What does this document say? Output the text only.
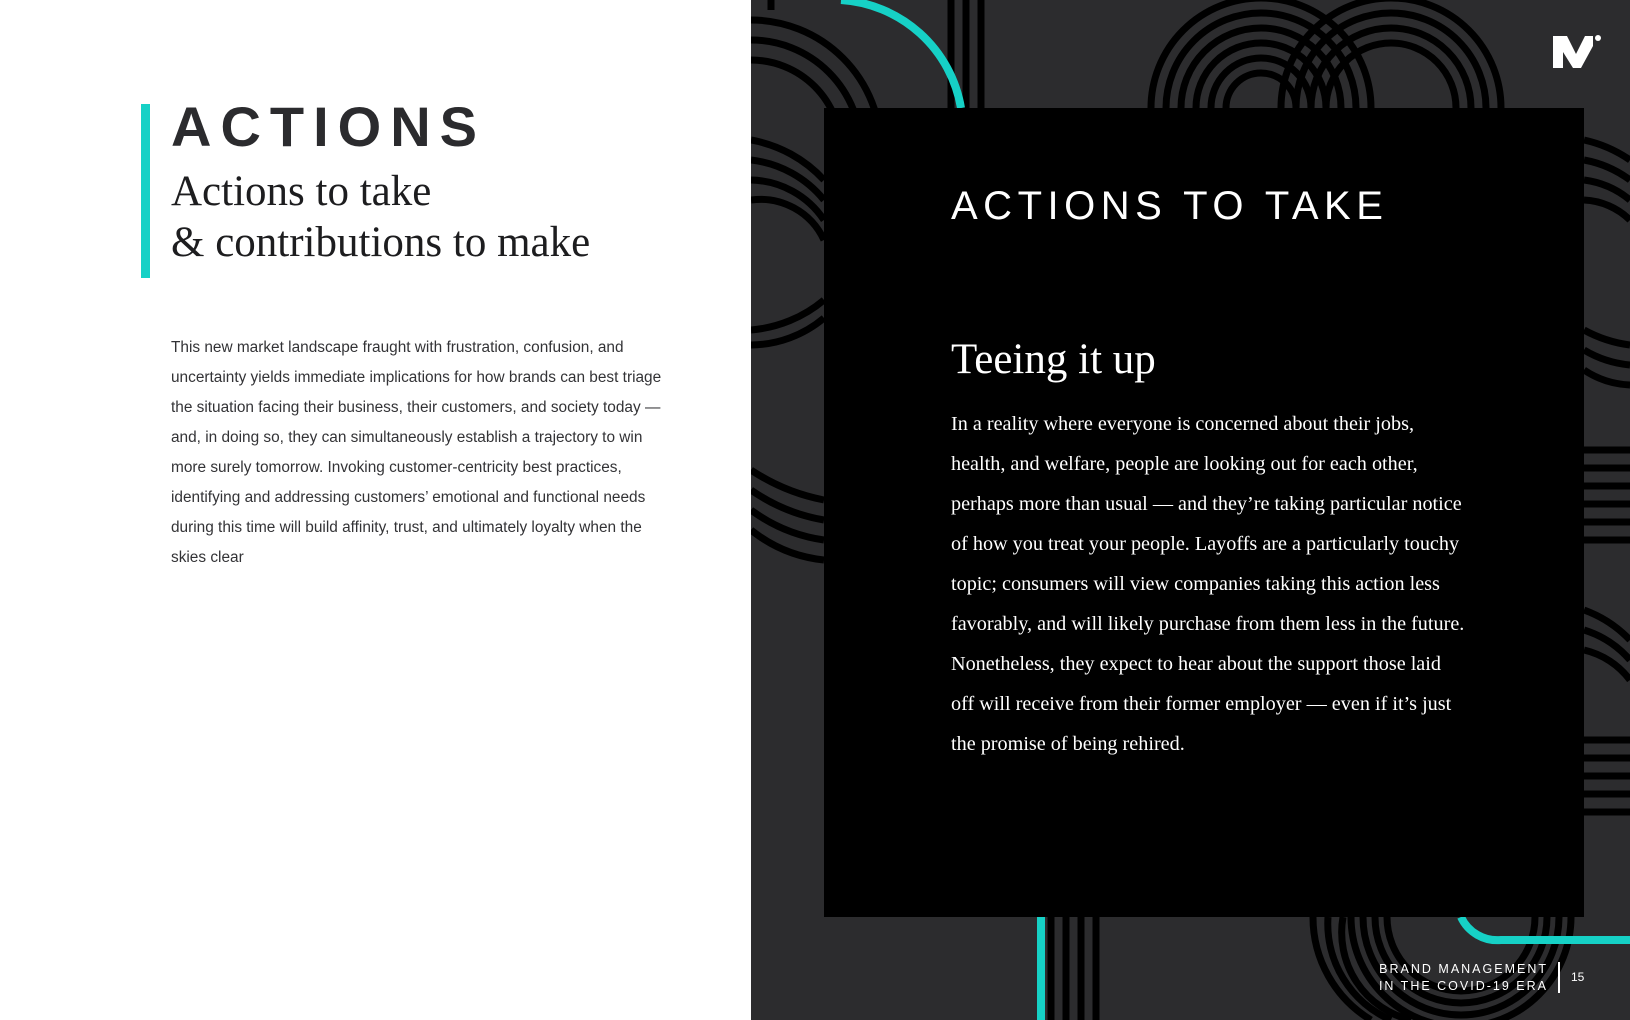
ACTIONS
Actions to take
& contributions to make

This new market landscape fraught with frustration, confusion, and uncertainty yields immediate implications for how brands can best triage the situation facing their business, their customers, and society today — and, in doing so, they can simultaneously establish a trajectory to win more surely tomorrow. Invoking customer-centricity best practices, identifying and addressing customers’ emotional and functional needs during this time will build affinity, trust, and ultimately loyalty when the skies clear

ACTIONS TO TAKE
Teeing it up

In a reality where everyone is concerned about their jobs, health, and welfare, people are looking out for each other, perhaps more than usual — and they’re taking particular notice of how you treat your people. Layoffs are a particularly touchy topic; consumers will view companies taking this action less favorably, and will likely purchase from them less in the future. Nonetheless, they expect to hear about the support those laid off will receive from their former employer — even if it’s just the promise of being rehired.

BRAND MANAGEMENT
IN THE COVID-19 ERA
15
